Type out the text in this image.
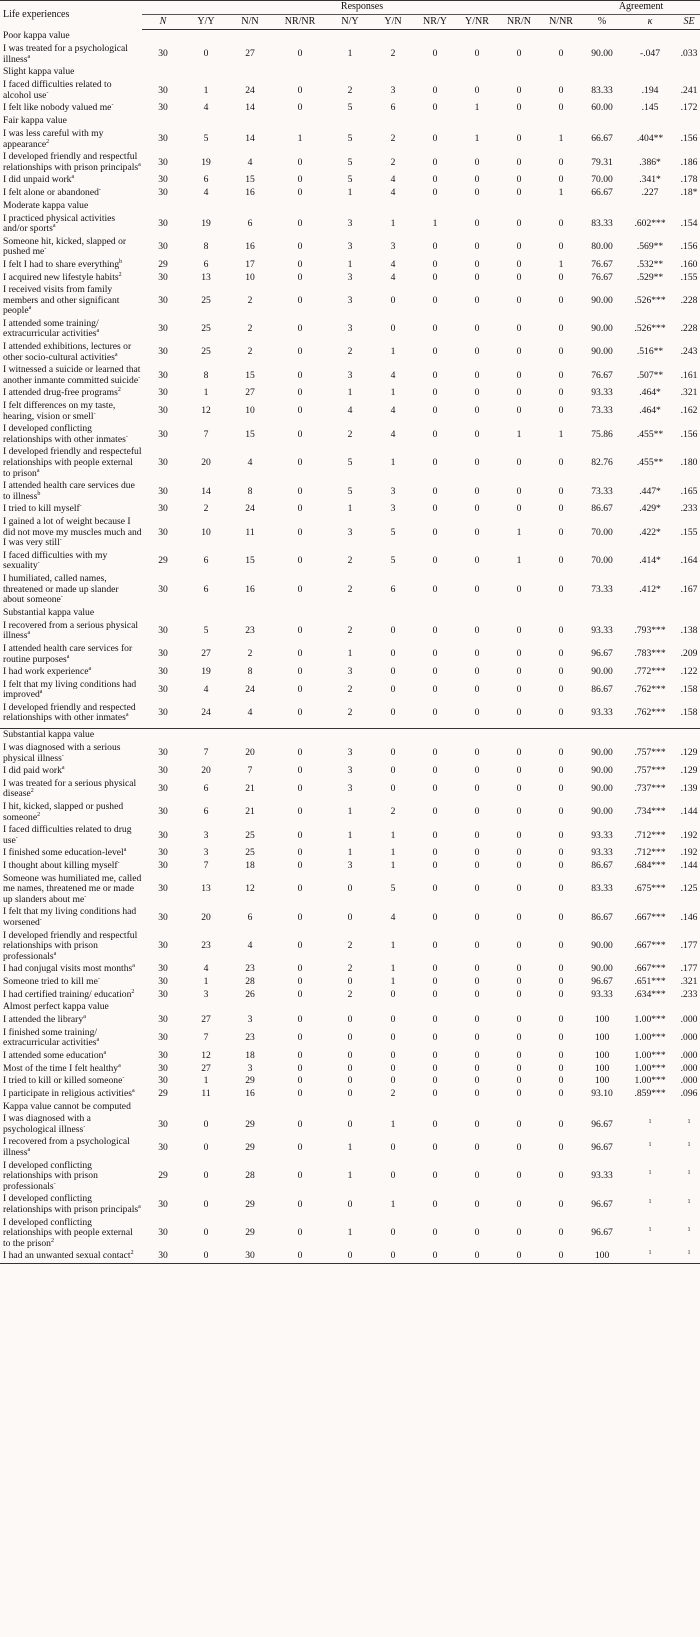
Life experiences	Responses										Agreement		
	N	Y/Y	N/N	NR/NR	N/Y	Y/N	NR/Y	Y/NR	NR/N	N/NR	%	κ	SE
Poor kappa value													
I was treated for a psychological illness$^a$	30	0	27	0	1	2	0	0	0	0	90.00	-.047	.033
Slight kappa value													
I faced difficulties related to alcohol use-	30	1	24	0	2	3	0	0	0	0	83.33	.194	.241
I felt like nobody valued me-	30	4	14	0	5	6	0	1	0	0	60.00	.145	.172
Fair kappa value													
I was less careful with my appearance$^2$	30	5	14	1	5	2	0	1	0	1	66.67	.404**	.156
I developed friendly and respectful relationships with prison principals$^a$	30	19	4	0	5	2	0	0	0	0	79.31	.386*	.186
I did unpaid work$^a$	30	6	15	0	5	4	0	0	0	0	70.00	.341*	.178
I felt alone or abandoned-	30	4	16	0	1	4	0	0	0	1	66.67	.227	.18*
Moderate kappa value													
I practiced physical activities and/or sports$^a$	30	19	6	0	3	1	1	0	0	0	83.33	.602***	.154
Someone hit, kicked, slapped or pushed me-	30	8	16	0	3	3	0	0	0	0	80.00	.569**	.156
I felt I had to share everything$^b$	29	6	17	0	1	4	0	0	0	1	76.67	.532**	.160
I acquired new lifestyle habits$^2$	30	13	10	0	3	4	0	0	0	0	76.67	.529**	.155
I received visits from family members and other significant people$^a$	30	25	2	0	3	0	0	0	0	0	90.00	.526***	.228
I attended some training/ extracurricular activities$^a$	30	25	2	0	3	0	0	0	0	0	90.00	.526***	.228
I attended exhibitions, lectures or other socio-cultural activities$^a$	30	25	2	0	2	1	0	0	0	0	90.00	.516**	.243
I witnessed a suicide or learned that another inmante committed suicide-	30	8	15	0	3	4	0	0	0	0	76.67	.507**	.161
I attended drug-free programs$^2$	30	1	27	0	1	1	0	0	0	0	93.33	.464*	.321
I felt differences on my taste, hearing, vision or smell-	30	12	10	0	4	4	0	0	0	0	73.33	.464*	.162
I developed conflicting relationships with other inmates-	30	7	15	0	2	4	0	0	1	1	75.86	.455**	.156
I developed friendly and respecteful relationships with people external to prison$^a$	30	20	4	0	5	1	0	0	0	0	82.76	.455**	.180
I attended health care services due to illness$^b$	30	14	8	0	5	3	0	0	0	0	73.33	.447*	.165
I tried to kill myself-	30	2	24	0	1	3	0	0	0	0	86.67	.429*	.233
I gained a lot of weight because I did not move my muscles much and I was very still-	30	10	11	0	3	5	0	0	1	0	70.00	.422*	.155
I faced difficulties with my sexuality-	29	6	15	0	2	5	0	0	1	0	70.00	.414*	.164
I humiliated, called names, threatened or made up slander about someone-	30	6	16	0	2	6	0	0	0	0	73.33	.412*	.167
Substantial kappa value													
I recovered from a serious physical illness$^a$	30	5	23	0	2	0	0	0	0	0	93.33	.793***	.138
I attended health care services for routine purposes$^a$	30	27	2	0	1	0	0	0	0	0	96.67	.783***	.209
I had work experience$^a$	30	19	8	0	3	0	0	0	0	0	90.00	.772***	.122
I felt that my living conditions had improved$^a$	30	4	24	0	2	0	0	0	0	0	86.67	.762***	.158
I developed friendly and respected relationships with other inmates$^a$	30	24	4	0	2	0	0	0	0	0	93.33	.762***	.158

Substantial kappa value													
I was diagnosed with a serious physical illness-	30	7	20	0	3	0	0	0	0	0	90.00	.757***	.129
I did paid work$^a$	30	20	7	0	3	0	0	0	0	0	90.00	.757***	.129
I was treated for a serious physical disease$^2$	30	6	21	0	3	0	0	0	0	0	90.00	.737***	.139
I hit, kicked, slapped or pushed someone$^2$	30	6	21	0	1	2	0	0	0	0	90.00	.734***	.144
I faced difficulties related to drug use-	30	3	25	0	1	1	0	0	0	0	93.33	.712***	.192
I finished some education-level$^a$	30	3	25	0	1	1	0	0	0	0	93.33	.712***	.192
I thought about killing myself-	30	7	18	0	3	1	0	0	0	0	86.67	.684***	.144
Someone was humiliated me, called me names, threatened me or made up slanders about me-	30	13	12	0	0	5	0	0	0	0	83.33	.675***	.125
I felt that my living conditions had worsened-	30	20	6	0	0	4	0	0	0	0	86.67	.667***	.146
I developed friendly and respectful relationships with prison professionals$^a$	30	23	4	0	2	1	0	0	0	0	90.00	.667***	.177
I had conjugal visits most months$^a$	30	4	23	0	2	1	0	0	0	0	90.00	.667***	.177
Someone tried to kill me-	30	1	28	0	0	1	0	0	0	0	96.67	.651***	.321
I had certified training/ education$^2$	30	3	26	0	2	0	0	0	0	0	93.33	.634***	.233
Almost perfect kappa value													
I attended the library$^a$	30	27	3	0	0	0	0	0	0	0	100	1.00***	.000
I finished some training/ extracurricular activities$^a$	30	7	23	0	0	0	0	0	0	0	100	1.00***	.000
I attended some education$^a$	30	12	18	0	0	0	0	0	0	0	100	1.00***	.000
Most of the time I felt healthy$^a$	30	27	3	0	0	0	0	0	0	0	100	1.00***	.000
I tried to kill or killed someone-	30	1	29	0	0	0	0	0	0	0	100	1.00***	.000
I participate in religious activities$^a$	29	11	16	0	0	2	0	0	0	0	93.10	.859***	.096
Kappa value cannot be computed													
I was diagnosed with a psychological illness-	30	0	29	0	0	1	0	0	0	0	96.67	$^1$	$^1$
I recovered from a psychological illness$^a$	30	0	29	0	1	0	0	0	0	0	96.67	$^1$	$^1$
I developed conflicting relationships with prison professionals-	29	0	28	0	1	0	0	0	0	0	93.33	$^1$	$^1$
I developed conflicting relationships with prison principals$^a$	30	0	29	0	0	1	0	0	0	0	96.67	$^1$	$^1$
I developed conflicting relationships with people external to the prison$^2$	30	0	29	0	1	0	0	0	0	0	96.67	$^1$	$^1$
I had an unwanted sexual contact$^2$	30	0	30	0	0	0	0	0	0	0	100	$^1$	$^1$
